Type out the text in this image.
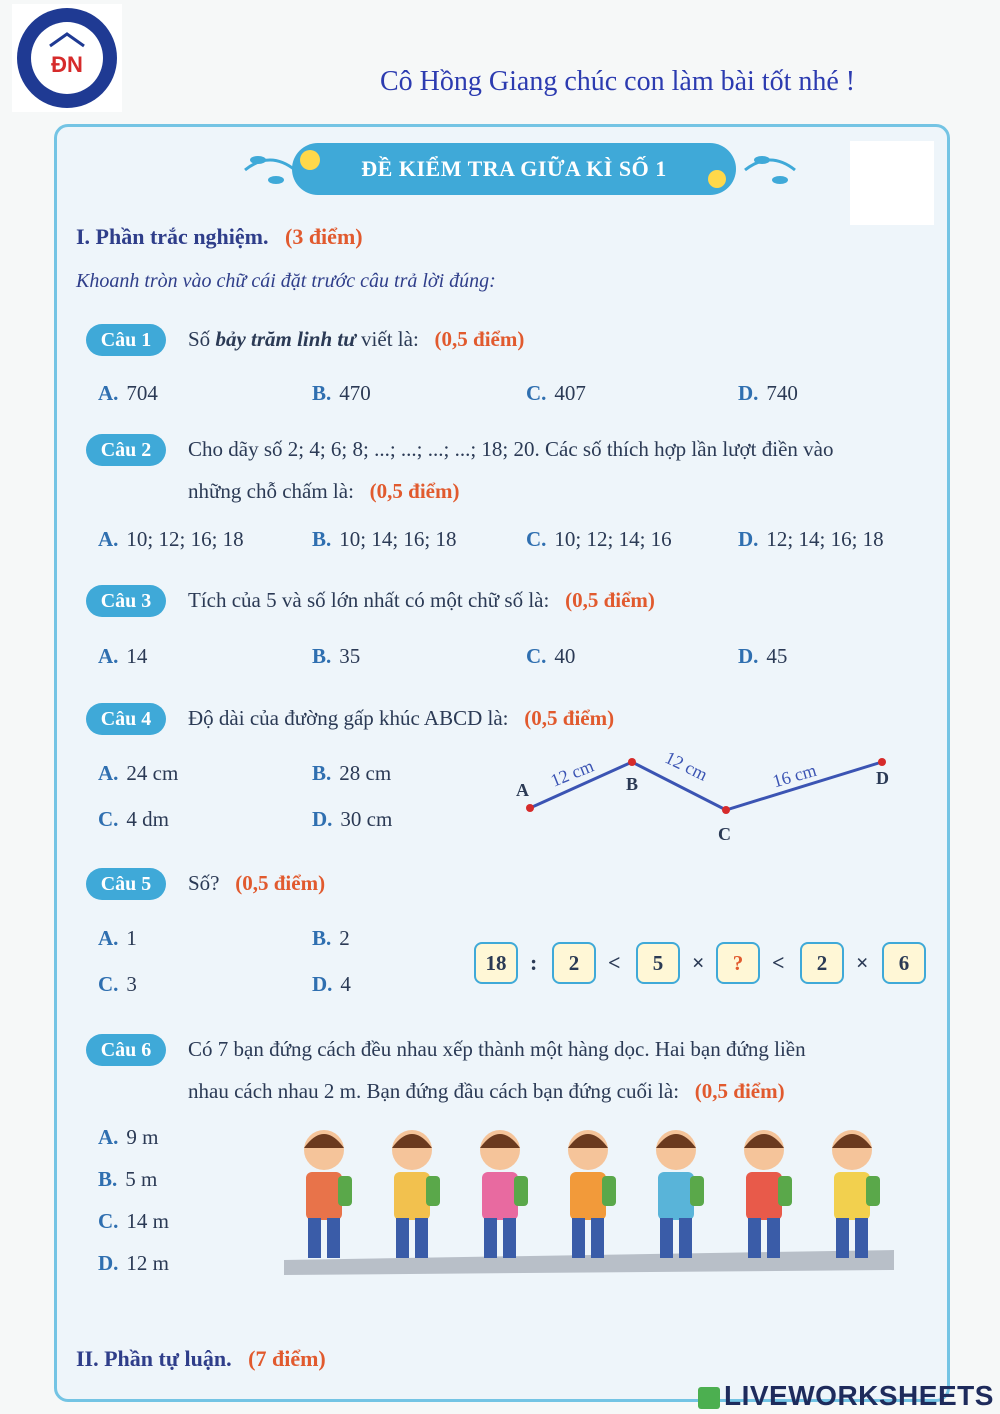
ĐN
Cô Hồng Giang chúc con làm bài tốt nhé !
ĐỀ KIỂM TRA GIỮA KÌ SỐ 1
I. Phần trắc nghiệm. (3 điểm)
Khoanh tròn vào chữ cái đặt trước câu trả lời đúng:
Câu 1	Số bảy trăm linh tư viết là: (0,5 điểm)
A. 704	B. 470	C. 407	D. 740
Câu 2	Cho dãy số 2; 4; 6; 8; ...; ...; ...; ...; 18; 20. Các số thích hợp lần lượt điền vào
những chỗ chấm là: (0,5 điểm)
A. 10; 12; 16; 18	B. 10; 14; 16; 18	C. 10; 12; 14; 16	D. 12; 14; 16; 18
Câu 3	Tích của 5 và số lớn nhất có một chữ số là: (0,5 điểm)
A. 14	B. 35	C. 40	D. 45
Câu 4	Độ dài của đường gấp khúc ABCD là: (0,5 điểm)
A. 24 cm	B. 28 cm
C. 4 dm	D. 30 cm
A	B
C
D
12 cm	12 cm	16 cm
Câu 5	Số? (0,5 điểm)
A. 1	B. 2
C. 3	D. 4
18	:	2	<	5	×	?	<	2	×	6
Câu 6	Có 7 bạn đứng cách đều nhau xếp thành một hàng dọc. Hai bạn đứng liền
nhau cách nhau 2 m. Bạn đứng đầu cách bạn đứng cuối là: (0,5 điểm)
A. 9 m
B. 5 m
C. 14 m
D. 12 m
II. Phần tự luận. (7 điểm)
LIVEWORKSHEETS
